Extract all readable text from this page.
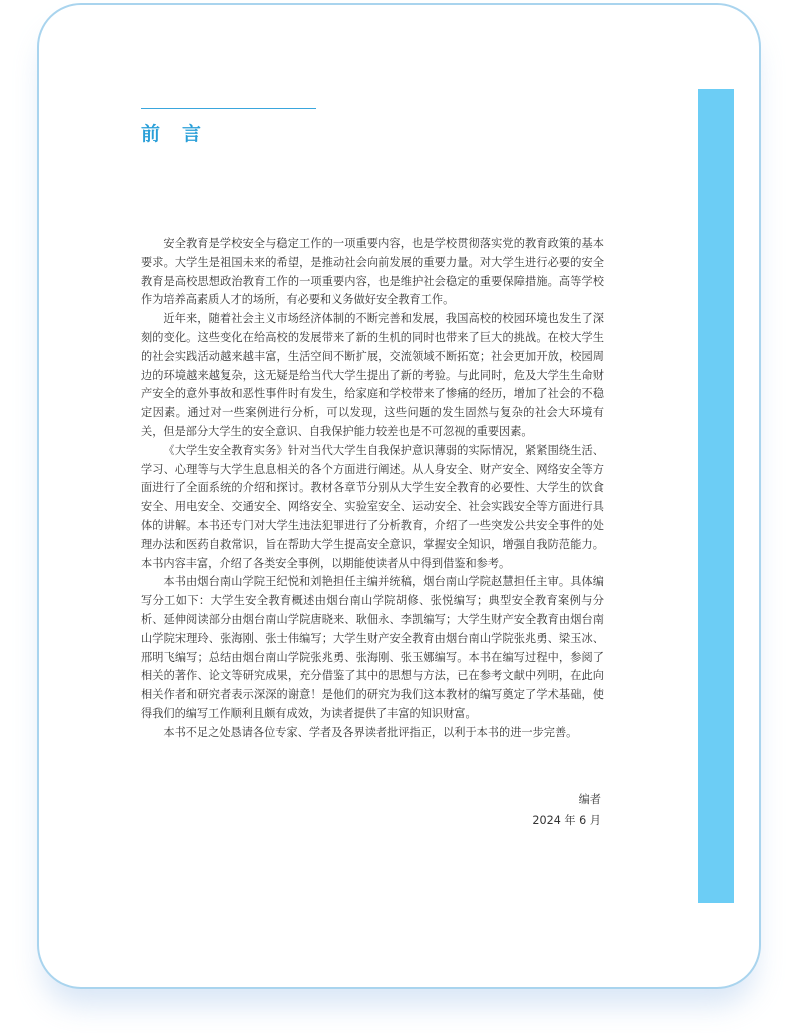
前言

安全教育是学校安全与稳定工作的一项重要内容，也是学校贯彻落实党的教育政策的基本要求。大学生是祖国未来的希望，是推动社会向前发展的重要力量。对大学生进行必要的安全教育是高校思想政治教育工作的一项重要内容，也是维护社会稳定的重要保障措施。高等学校作为培养高素质人才的场所，有必要和义务做好安全教育工作。

近年来，随着社会主义市场经济体制的不断完善和发展，我国高校的校园环境也发生了深刻的变化。这些变化在给高校的发展带来了新的生机的同时也带来了巨大的挑战。在校大学生的社会实践活动越来越丰富，生活空间不断扩展，交流领域不断拓宽；社会更加开放，校园周边的环境越来越复杂，这无疑是给当代大学生提出了新的考验。与此同时，危及大学生生命财产安全的意外事故和恶性事件时有发生，给家庭和学校带来了惨痛的经历，增加了社会的不稳定因素。通过对一些案例进行分析，可以发现，这些问题的发生固然与复杂的社会大环境有关，但是部分大学生的安全意识、自我保护能力较差也是不可忽视的重要因素。

《大学生安全教育实务》针对当代大学生自我保护意识薄弱的实际情况，紧紧围绕生活、学习、心理等与大学生息息相关的各个方面进行阐述。从人身安全、财产安全、网络安全等方面进行了全面系统的介绍和探讨。教材各章节分别从大学生安全教育的必要性、大学生的饮食安全、用电安全、交通安全、网络安全、实验室安全、运动安全、社会实践安全等方面进行具体的讲解。本书还专门对大学生违法犯罪进行了分析教育，介绍了一些突发公共安全事件的处理办法和医药自救常识，旨在帮助大学生提高安全意识，掌握安全知识，增强自我防范能力。本书内容丰富，介绍了各类安全事例，以期能使读者从中得到借鉴和参考。

本书由烟台南山学院王纪悦和刘艳担任主编并统稿，烟台南山学院赵慧担任主审。具体编写分工如下：大学生安全教育概述由烟台南山学院胡修、张悦编写；典型安全教育案例与分析、延伸阅读部分由烟台南山学院唐晓来、耿佃永、李凯编写；大学生财产安全教育由烟台南山学院宋理玲、张海刚、张士伟编写；大学生财产安全教育由烟台南山学院张兆勇、梁玉冰、邢明飞编写；总结由烟台南山学院张兆勇、张海刚、张玉娜编写。本书在编写过程中，参阅了相关的著作、论文等研究成果，充分借鉴了其中的思想与方法，已在参考文献中列明，在此向相关作者和研究者表示深深的谢意！是他们的研究为我们这本教材的编写奠定了学术基础，使得我们的编写工作顺利且颇有成效，为读者提供了丰富的知识财富。

本书不足之处恳请各位专家、学者及各界读者批评指正，以利于本书的进一步完善。

编者
2024 年 6 月
